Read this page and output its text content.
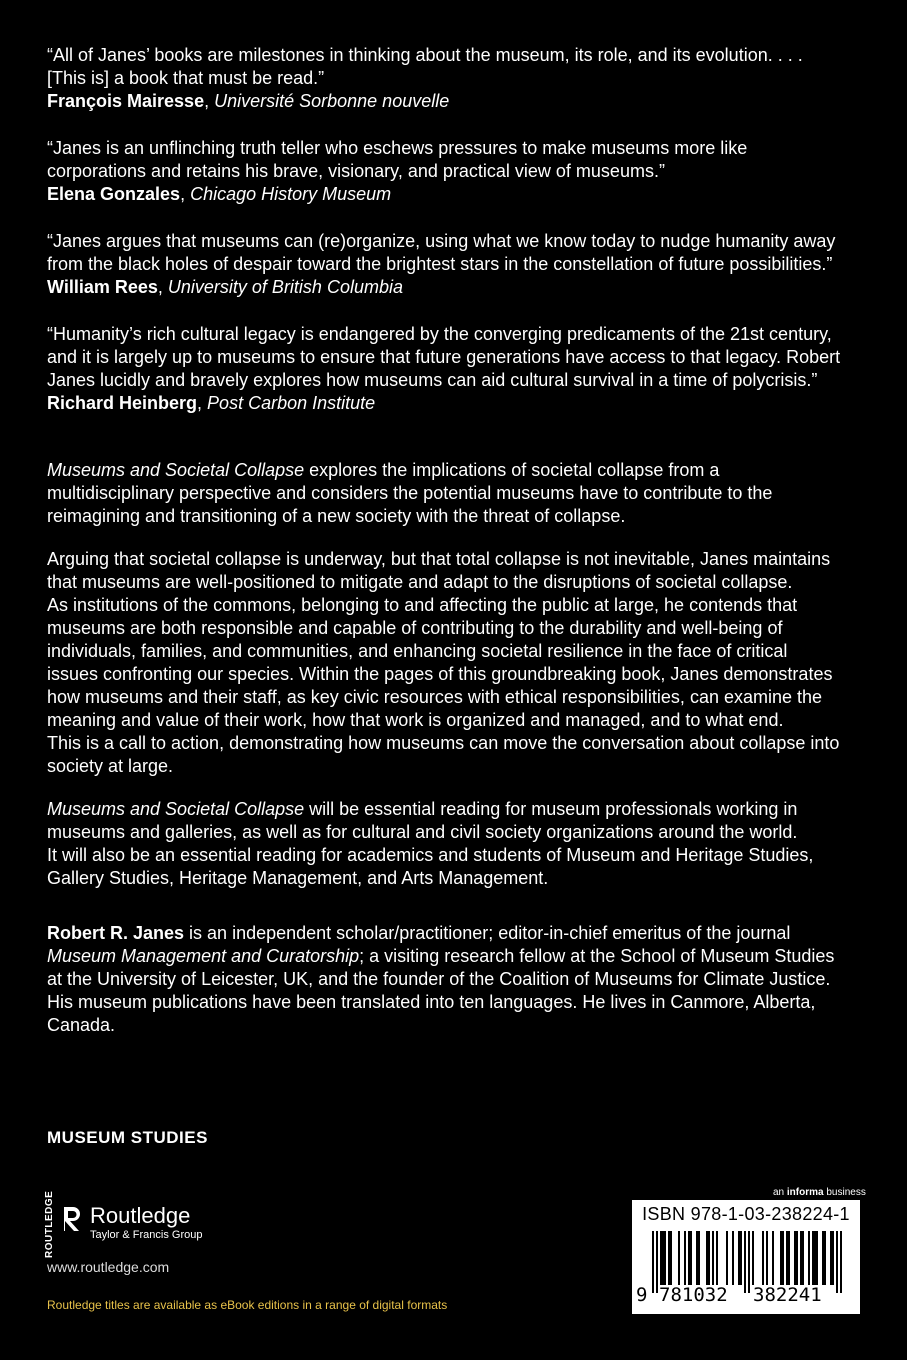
“All of Janes’ books are milestones in thinking about the museum, its role, and its evolution. . . .
[This is] a book that must be read.”
François Mairesse, Université Sorbonne nouvelle
“Janes is an unflinching truth teller who eschews pressures to make museums more like
corporations and retains his brave, visionary, and practical view of museums.”
Elena Gonzales, Chicago History Museum
“Janes argues that museums can (re)organize, using what we know today to nudge humanity away
from the black holes of despair toward the brightest stars in the constellation of future possibilities.”
William Rees, University of British Columbia
“Humanity’s rich cultural legacy is endangered by the converging predicaments of the 21st century,
and it is largely up to museums to ensure that future generations have access to that legacy. Robert
Janes lucidly and bravely explores how museums can aid cultural survival in a time of polycrisis.”
Richard Heinberg, Post Carbon Institute
Museums and Societal Collapse explores the implications of societal collapse from a
multidisciplinary perspective and considers the potential museums have to contribute to the
reimagining and transitioning of a new society with the threat of collapse.
Arguing that societal collapse is underway, but that total collapse is not inevitable, Janes maintains
that museums are well-positioned to mitigate and adapt to the disruptions of societal collapse.
As institutions of the commons, belonging to and affecting the public at large, he contends that
museums are both responsible and capable of contributing to the durability and well-being of
individuals, families, and communities, and enhancing societal resilience in the face of critical
issues confronting our species. Within the pages of this groundbreaking book, Janes demonstrates
how museums and their staff, as key civic resources with ethical responsibilities, can examine the
meaning and value of their work, how that work is organized and managed, and to what end.
This is a call to action, demonstrating how museums can move the conversation about collapse into
society at large.
Museums and Societal Collapse will be essential reading for museum professionals working in
museums and galleries, as well as for cultural and civil society organizations around the world.
It will also be an essential reading for academics and students of Museum and Heritage Studies,
Gallery Studies, Heritage Management, and Arts Management.
Robert R. Janes is an independent scholar/practitioner; editor-in-chief emeritus of the journal
Museum Management and Curatorship; a visiting research fellow at the School of Museum Studies
at the University of Leicester, UK, and the founder of the Coalition of Museums for Climate Justice.
His museum publications have been translated into ten languages. He lives in Canmore, Alberta,
Canada.
MUSEUM STUDIES
ROUTLEDGE Routledge
Taylor & Francis Group
www.routledge.com
Routledge titles are available as eBook editions in a range of digital formats
an informa business
ISBN 978-1-03-238224-1
9 781032 382241
